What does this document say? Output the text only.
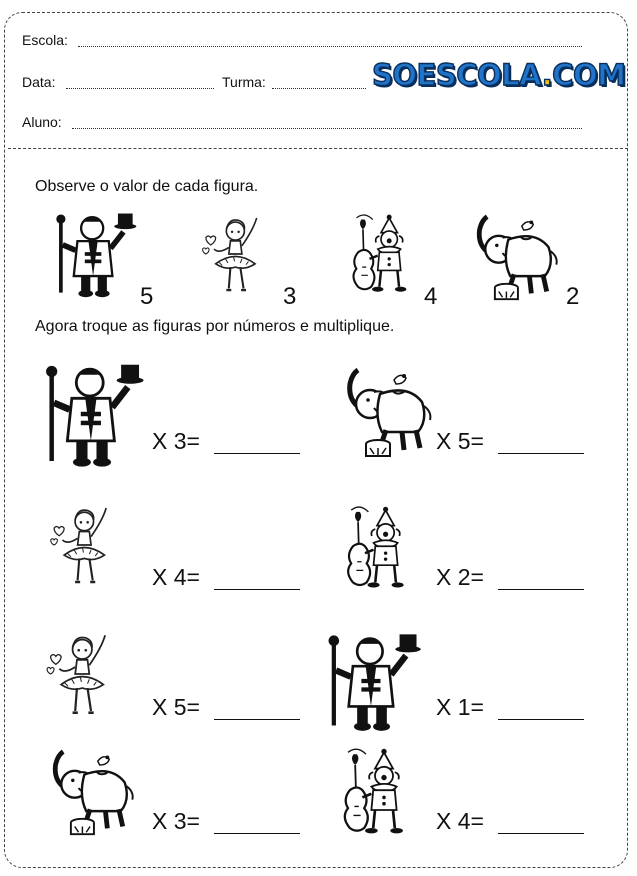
Escola:
Data:	Turma:	SOESCOLA.COM
Aluno:
Observe o valor de cada figura.
5	3	4	2
Agora troque as figuras por números e multiplique.
X 3=	X 5=
X 4=	X 2=
X 5=	X 1=
X 3=	X 4=
